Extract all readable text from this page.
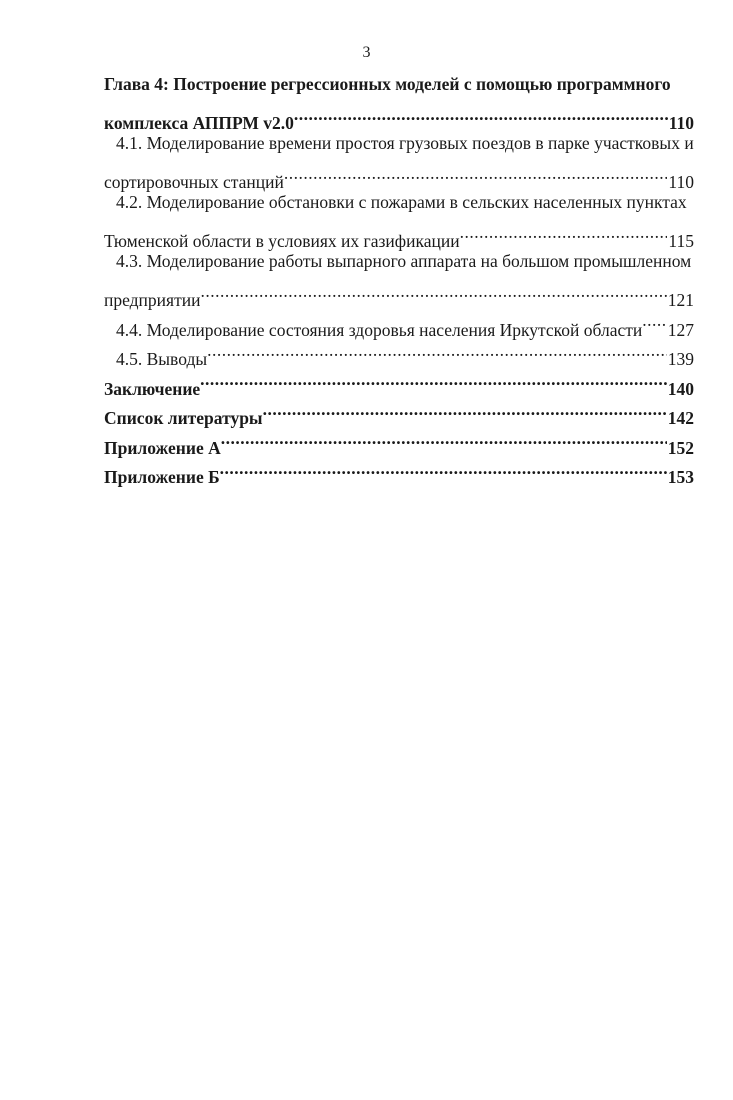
3
Глава 4: Построение регрессионных моделей с помощью программного
комплекса АППРМ v2.0 .....	110
4.1. Моделирование времени простоя грузовых поездов в парке участковых и
сортировочных станций .....	110
4.2. Моделирование обстановки с пожарами в сельских населенных пунктах
Тюменской области в условиях их газификации .....	115
4.3. Моделирование работы выпарного аппарата на большом промышленном
предприятии .....	121
4.4. Моделирование состояния здоровья населения Иркутской области ..... 127
4.5. Выводы .....	139
Заключение .....	140
Список литературы .....	142
Приложение А .....	152
Приложение Б .....	153
